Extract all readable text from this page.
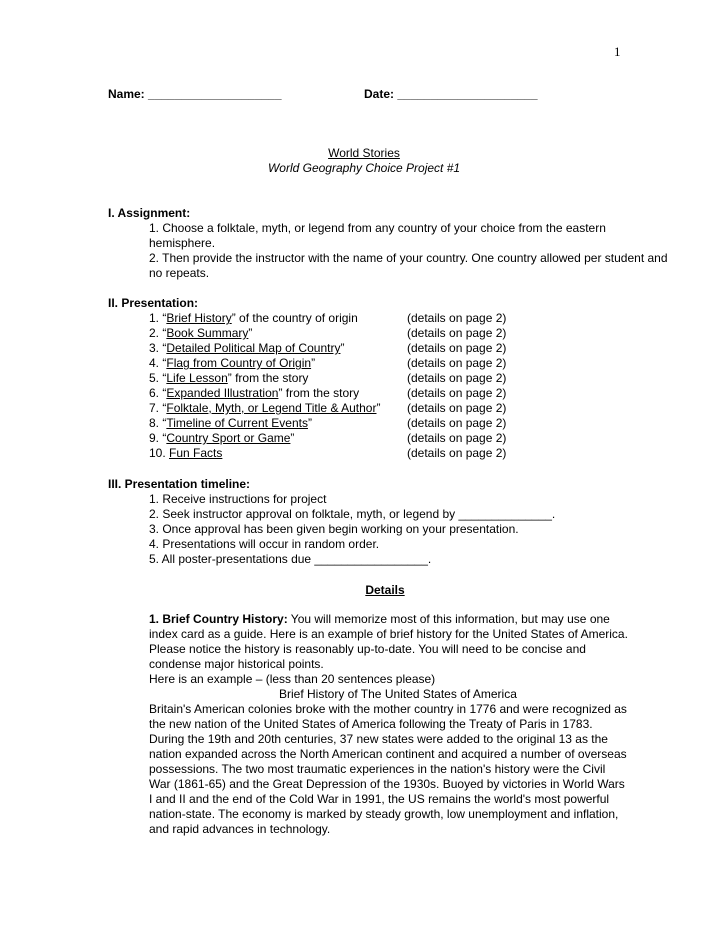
1
Name: ____________________	Date: _____________________
World Stories
World Geography Choice Project #1
I. Assignment:
1. Choose a folktale, myth, or legend from any country of your choice from the eastern
hemisphere.
2. Then provide the instructor with the name of your country. One country allowed per student and
no repeats.
II. Presentation:
1. “Brief History” of the country of origin	(details on page 2)
2. “Book Summary”	(details on page 2)
3. “Detailed Political Map of Country”	(details on page 2)
4. “Flag from Country of Origin”	(details on page 2)
5. “Life Lesson” from the story	(details on page 2)
6. “Expanded Illustration” from the story	(details on page 2)
7. “Folktale, Myth, or Legend Title & Author” (details on page 2)
8. “Timeline of Current Events”	(details on page 2)
9. “Country Sport or Game”	(details on page 2)
10. Fun Facts	(details on page 2)
III. Presentation timeline:
1. Receive instructions for project
2. Seek instructor approval on folktale, myth, or legend by ______________.
3. Once approval has been given begin working on your presentation.
4. Presentations will occur in random order.
5. All poster-presentations due _________________.
Details

1. Brief Country History: You will memorize most of this information, but may use one index card as a guide. Here is an example of brief history for the United States of America. Please notice the history is reasonably up-to-date. You will need to be concise and condense major historical points.

Here is an example – (less than 20 sentences please)

Brief History of The United States of America

Britain's American colonies broke with the mother country in 1776 and were recognized as the new nation of the United States of America following the Treaty of Paris in 1783. During the 19th and 20th centuries, 37 new states were added to the original 13 as the nation expanded across the North American continent and acquired a number of overseas possessions. The two most traumatic experiences in the nation's history were the Civil War (1861-65) and the Great Depression of the 1930s. Buoyed by victories in World Wars I and II and the end of the Cold War in 1991, the US remains the world's most powerful nation-state. The economy is marked by steady growth, low unemployment and inflation, and rapid advances in technology.
